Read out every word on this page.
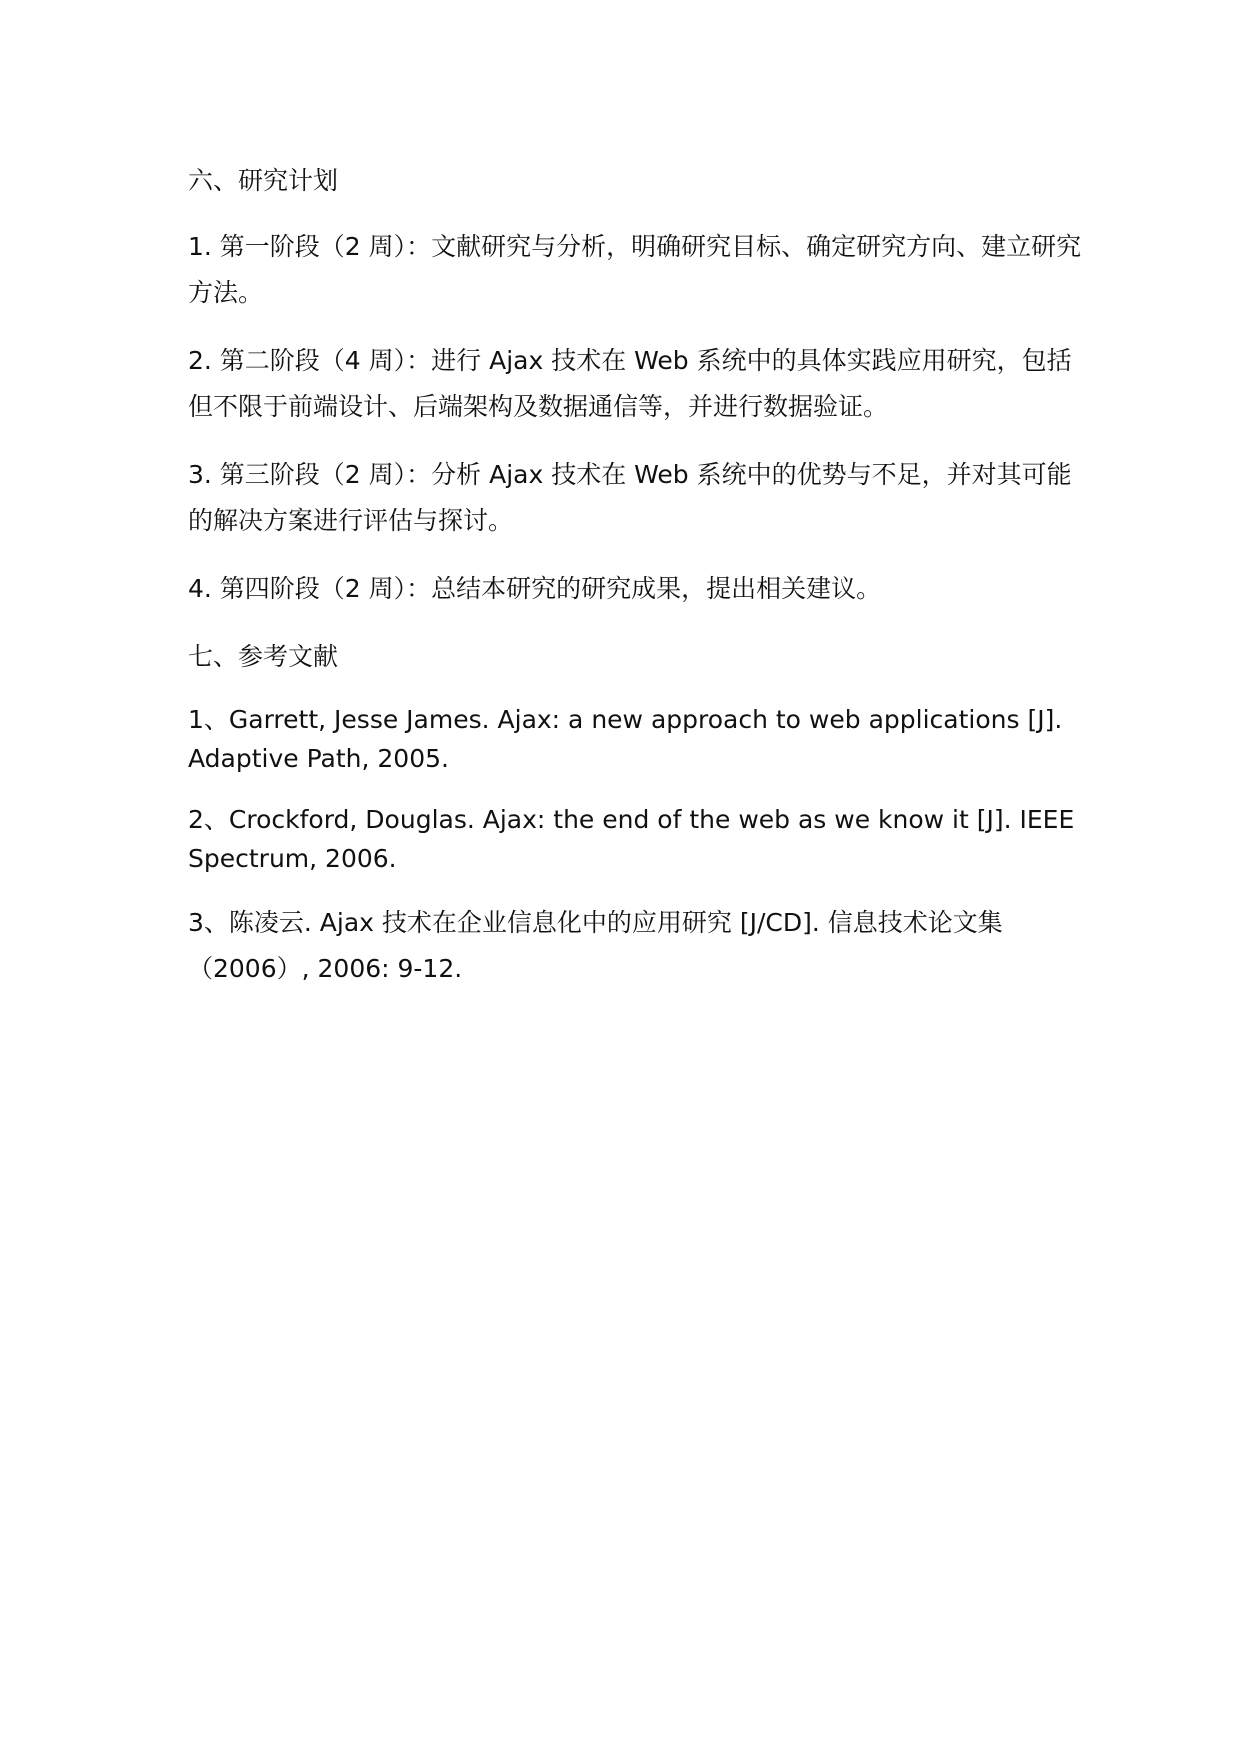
六、研究计划
1. 第一阶段（2 周）：文献研究与分析，明确研究目标、确定研究方向、建立研究方法。
2. 第二阶段（4 周）：进行 Ajax 技术在 Web 系统中的具体实践应用研究，包括但不限于前端设计、后端架构及数据通信等，并进行数据验证。
3. 第三阶段（2 周）：分析 Ajax 技术在 Web 系统中的优势与不足，并对其可能的解决方案进行评估与探讨。
4. 第四阶段（2 周）：总结本研究的研究成果，提出相关建议。
七、参考文献
1、Garrett, Jesse James. Ajax: a new approach to web applications [J]. Adaptive Path, 2005.
2、Crockford, Douglas. Ajax: the end of the web as we know it [J]. IEEE Spectrum, 2006.
3、陈凌云. Ajax 技术在企业信息化中的应用研究 [J/CD]. 信息技术论文集（2006）, 2006: 9-12.
